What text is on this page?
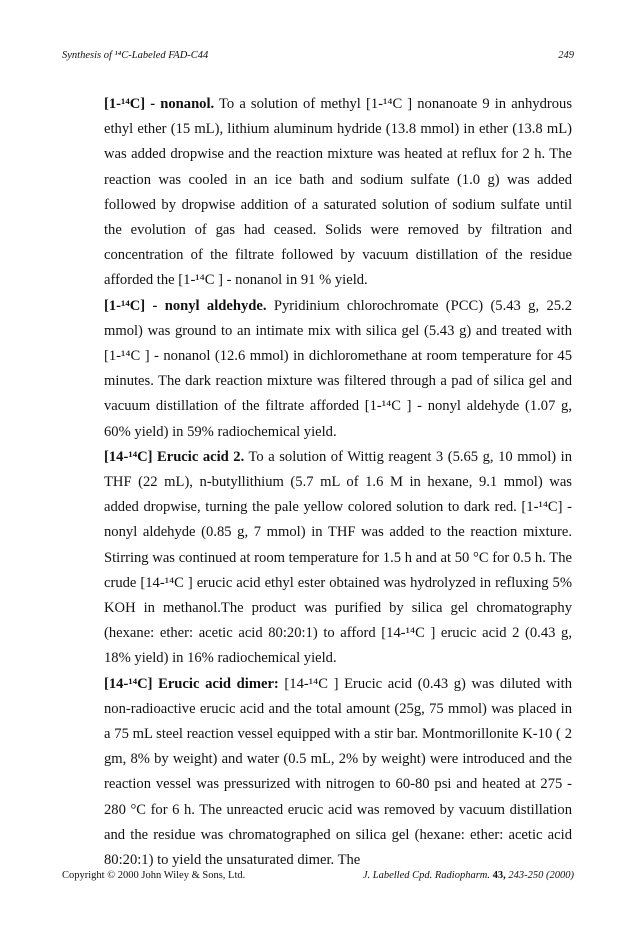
Synthesis of ¹⁴C-Labeled FAD-C44	249

[1-¹⁴C] - nonanol. To a solution of methyl [1-¹⁴C ] nonanoate 9 in anhydrous ethyl ether (15 mL), lithium aluminum hydride (13.8 mmol) in ether (13.8 mL) was added dropwise and the reaction mixture was heated at reflux for 2 h. The reaction was cooled in an ice bath and sodium sulfate (1.0 g) was added followed by dropwise addition of a saturated solution of sodium sulfate until the evolution of gas had ceased. Solids were removed by filtration and concentration of the filtrate followed by vacuum distillation of the residue afforded the [1-¹⁴C ] - nonanol in 91 % yield.

[1-¹⁴C] - nonyl aldehyde. Pyridinium chlorochromate (PCC) (5.43 g, 25.2 mmol) was ground to an intimate mix with silica gel (5.43 g) and treated with [1-¹⁴C ] - nonanol (12.6 mmol) in dichloromethane at room temperature for 45 minutes. The dark reaction mixture was filtered through a pad of silica gel and vacuum distillation of the filtrate afforded [1-¹⁴C ] - nonyl aldehyde (1.07 g, 60% yield) in 59% radiochemical yield.

[14-¹⁴C] Erucic acid 2. To a solution of Wittig reagent 3 (5.65 g, 10 mmol) in THF (22 mL), n-butyllithium (5.7 mL of 1.6 M in hexane, 9.1 mmol) was added dropwise, turning the pale yellow colored solution to dark red. [1-¹⁴C] - nonyl aldehyde (0.85 g, 7 mmol) in THF was added to the reaction mixture. Stirring was continued at room temperature for 1.5 h and at 50 °C for 0.5 h. The crude [14-¹⁴C ] erucic acid ethyl ester obtained was hydrolyzed in refluxing 5% KOH in methanol.The product was purified by silica gel chromatography (hexane: ether: acetic acid 80:20:1) to afford [14-¹⁴C ] erucic acid 2 (0.43 g, 18% yield) in 16% radiochemical yield.

[14-¹⁴C] Erucic acid dimer: [14-¹⁴C ] Erucic acid (0.43 g) was diluted with non-radioactive erucic acid and the total amount (25g, 75 mmol) was placed in a 75 mL steel reaction vessel equipped with a stir bar. Montmorillonite K-10 ( 2 gm, 8% by weight) and water (0.5 mL, 2% by weight) were introduced and the reaction vessel was pressurized with nitrogen to 60-80 psi and heated at 275 - 280 °C for 6 h. The unreacted erucic acid was removed by vacuum distillation and the residue was chromatographed on silica gel (hexane: ether: acetic acid 80:20:1) to yield the unsaturated dimer. The

Copyright © 2000 John Wiley & Sons, Ltd.	J. Labelled Cpd. Radiopharm. 43, 243-250 (2000)
